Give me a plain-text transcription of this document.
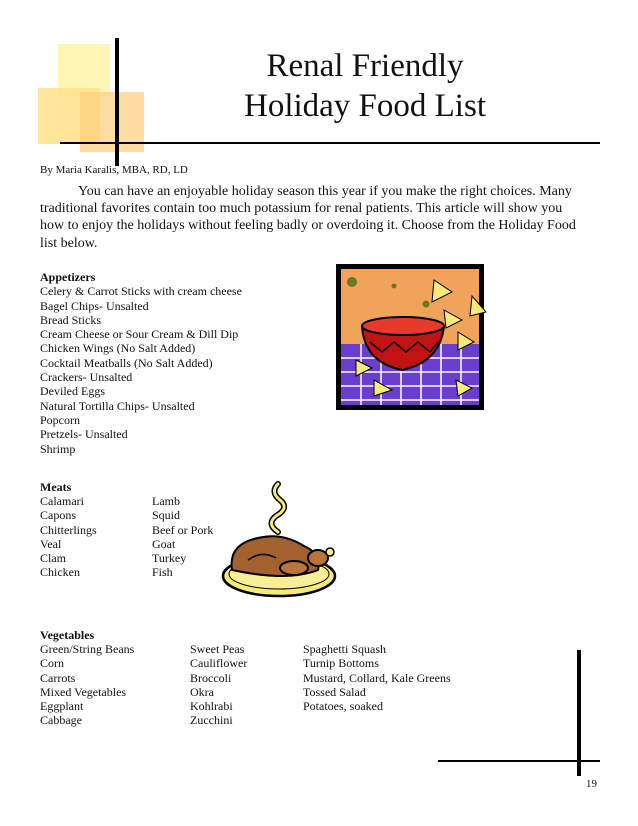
Renal Friendly
Holiday Food List
By Maria Karalis, MBA, RD, LD

You can have an enjoyable holiday season this year if you make the right choices. Many traditional favorites contain too much potassium for renal patients. This article will show you how to enjoy the holidays without feeling badly or overdoing it. Choose from the Holiday Food list below.

Appetizers
Celery & Carrot Sticks with cream cheese
Bagel Chips- Unsalted
Bread Sticks
Cream Cheese or Sour Cream & Dill Dip
Chicken Wings (No Salt Added)
Cocktail Meatballs (No Salt Added)
Crackers- Unsalted
Deviled Eggs
Natural Tortilla Chips- Unsalted
Popcorn
Pretzels- Unsalted
Shrimp
Meats
Calamari
Capons
Chitterlings
Veal
Clam
Chicken
Lamb
Squid
Beef or Pork
Goat
Turkey
Fish
Vegetables
Green/String Beans
Corn
Carrots
Mixed Vegetables
Eggplant
Cabbage
Sweet Peas
Cauliflower
Broccoli
Okra
Kohlrabi
Zucchini
Spaghetti Squash
Turnip Bottoms
Mustard, Collard, Kale Greens
Tossed Salad
Potatoes, soaked
19
